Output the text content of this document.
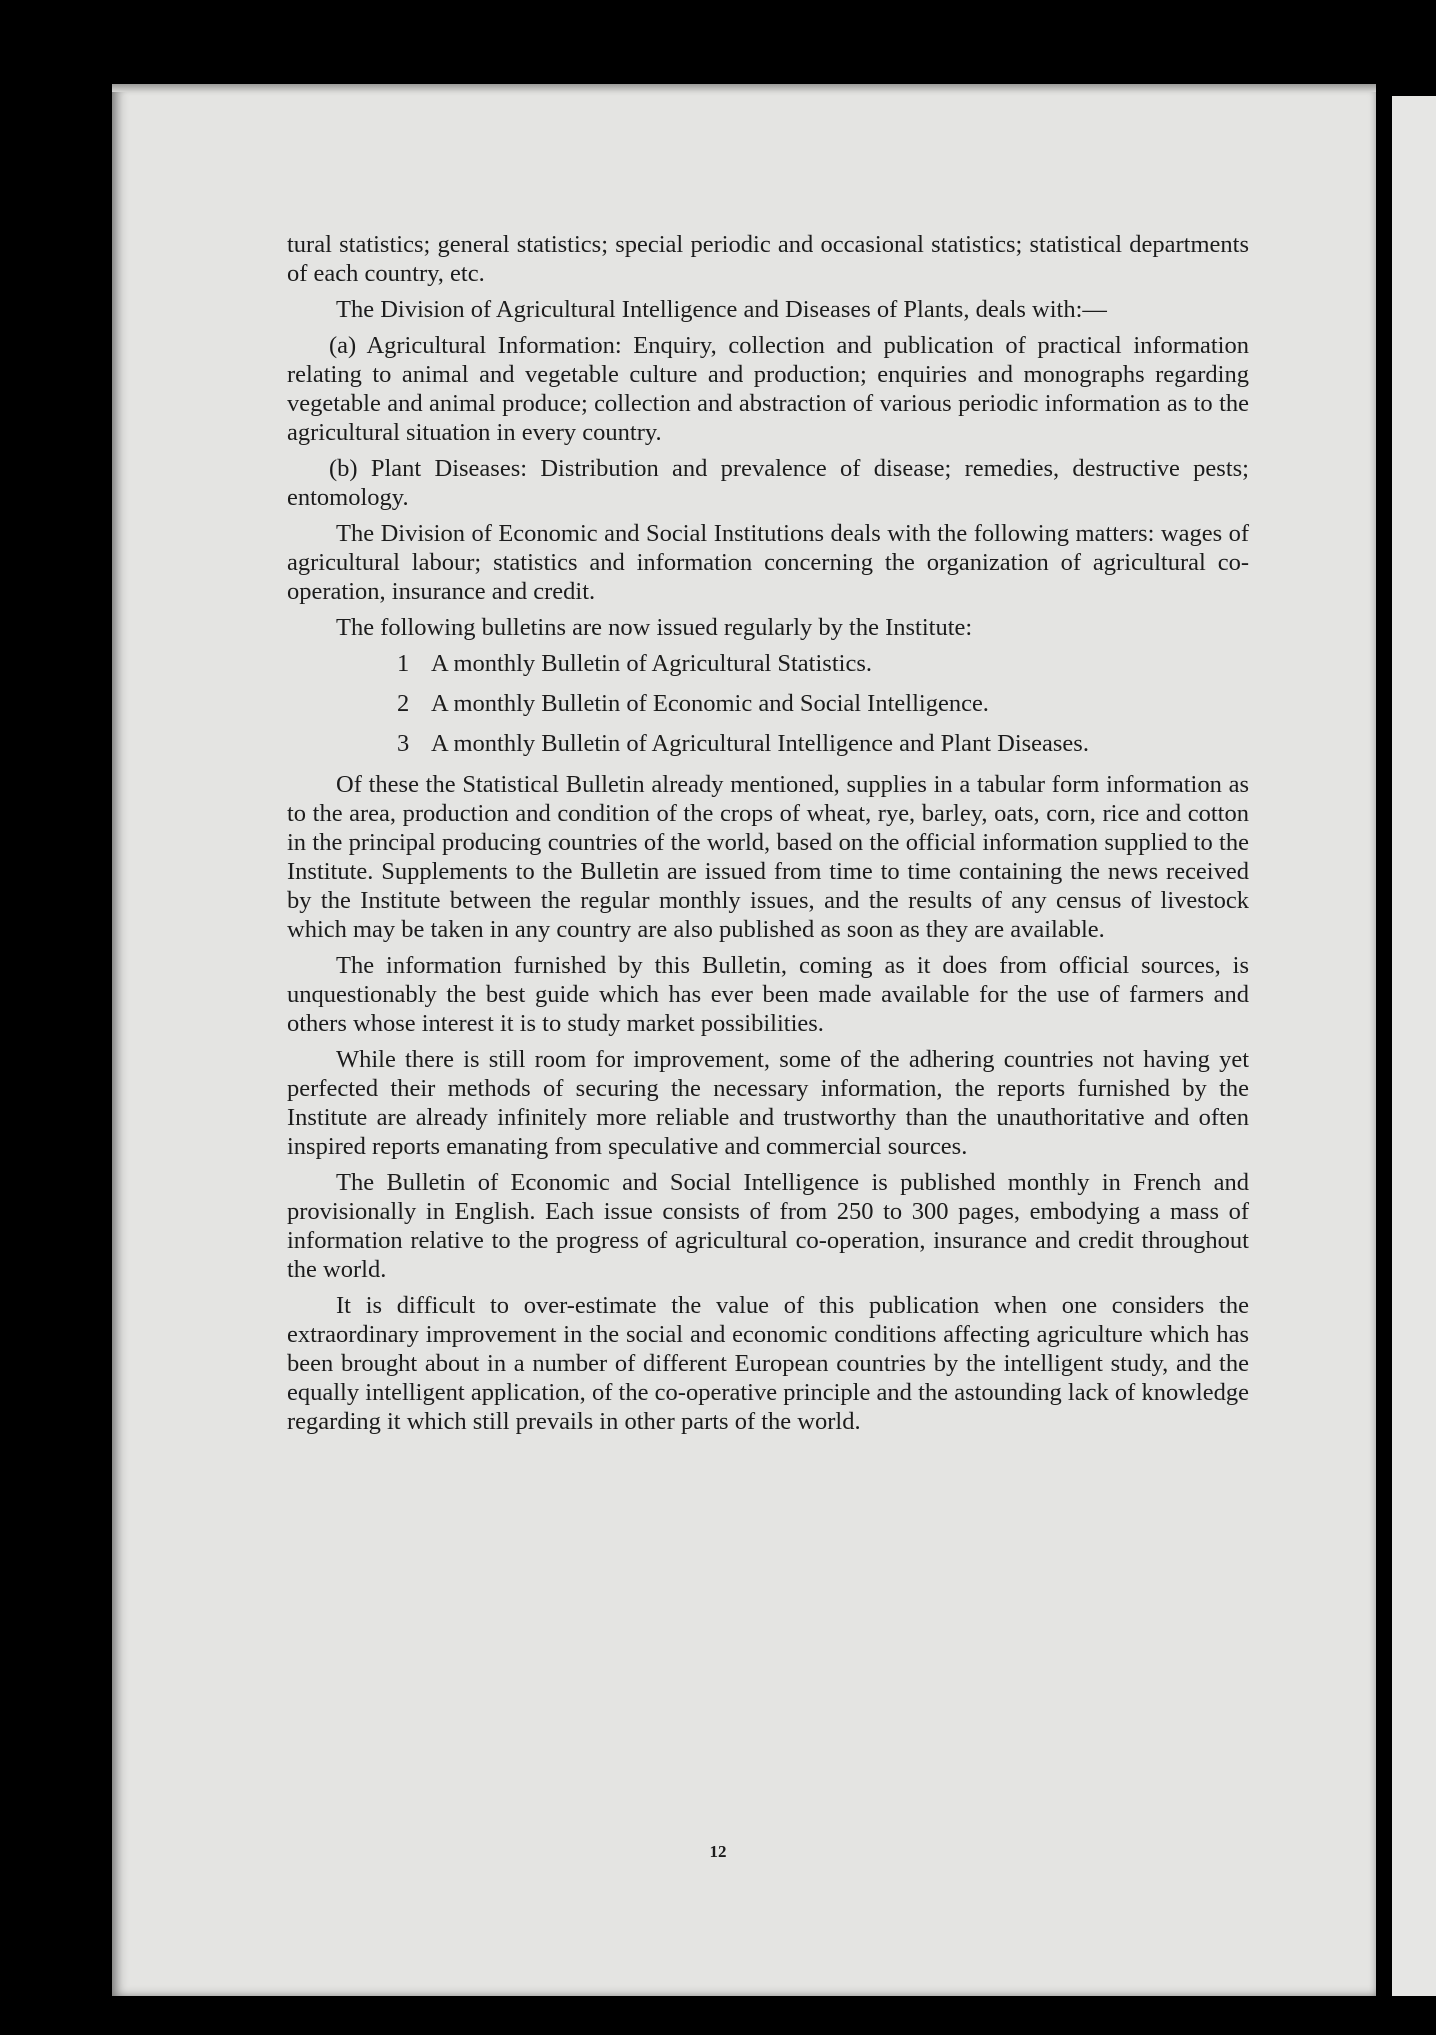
tural statistics; general statistics; special periodic and occasional statistics; statistical departments of each country, etc.

The Division of Agricultural Intelligence and Diseases of Plants, deals with:—

(a) Agricultural Information: Enquiry, collection and publication of practical information relating to animal and vegetable culture and production; enquiries and monographs regarding vegetable and animal produce; collection and abstraction of various periodic information as to the agricultural situation in every country.

(b) Plant Diseases: Distribution and prevalence of disease; remedies, destructive pests; entomology.

The Division of Economic and Social Institutions deals with the following matters: wages of agricultural labour; statistics and information concerning the organization of agricultural co-operation, insurance and credit.

The following bulletins are now issued regularly by the Institute:

1 A monthly Bulletin of Agricultural Statistics.
2 A monthly Bulletin of Economic and Social Intelligence.
3 A monthly Bulletin of Agricultural Intelligence and Plant Diseases.

Of these the Statistical Bulletin already mentioned, supplies in a tabular form information as to the area, production and condition of the crops of wheat, rye, barley, oats, corn, rice and cotton in the principal producing countries of the world, based on the official information supplied to the Institute. Supplements to the Bulletin are issued from time to time containing the news received by the Institute between the regular monthly issues, and the results of any census of livestock which may be taken in any country are also published as soon as they are available.

The information furnished by this Bulletin, coming as it does from official sources, is unquestionably the best guide which has ever been made available for the use of farmers and others whose interest it is to study market possibilities.

While there is still room for improvement, some of the adhering countries not having yet perfected their methods of securing the necessary information, the reports furnished by the Institute are already infinitely more reliable and trustworthy than the unauthoritative and often inspired reports emanating from speculative and commercial sources.

The Bulletin of Economic and Social Intelligence is published monthly in French and provisionally in English. Each issue consists of from 250 to 300 pages, embodying a mass of information relative to the progress of agricultural co-operation, insurance and credit throughout the world.

It is difficult to over-estimate the value of this publication when one considers the extraordinary improvement in the social and economic conditions affecting agriculture which has been brought about in a number of different European countries by the intelligent study, and the equally intelligent application, of the co-operative principle and the astounding lack of knowledge regarding it which still prevails in other parts of the world.

12
